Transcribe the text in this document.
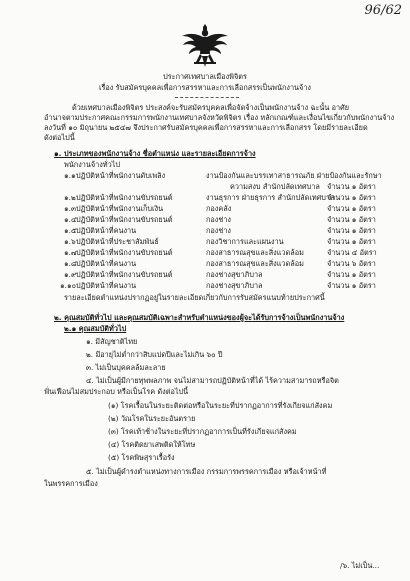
96/62
ประกาศเทศบาลเมืองพิจิตร
เรื่อง รับสมัครบุคคลเพื่อการสรรหาและการเลือกสรรเป็นพนักงานจ้าง
ด้วยเทศบาลเมืองพิจิตร ประสงค์จะรับสมัครบุคคลเพื่อจัดจ้างเป็นพนักงานจ้าง ฉะนั้น อาศัย
อำนาจตามประกาศคณะกรรมการพนักงานเทศบาลจังหวัดพิจิตร เรื่อง หลักเกณฑ์และเงื่อนไขเกี่ยวกับพนักงานจ้าง
ลงวันที่ ๑๐ มิถุนายน ๒๕๔๗ จึงประกาศรับสมัครบุคคลเพื่อการสรรหาและการเลือกสรร โดยมีรายละเอียด
ดังต่อไปนี้
๑. ประเภทของพนักงานจ้าง ชื่อตำแหน่ง และรายละเอียดการจ้าง
พนักงานจ้างทั่วไป
๑.๑ ปฏิบัติหน้าที่พนักงานดับเพลิง	งานป้องกันและบรรเทาสาธารณภัย ฝ่ายป้องกันและรักษา
ความสงบ สำนักปลัดเทศบาล จำนวน ๑ อัตรา
๑.๒ ปฏิบัติหน้าที่พนักงานขับรถยนต์	งานธุรการ ฝ่ายธุรการ สำนักปลัดเทศบาล
จำนวน ๑ อัตรา
๑.๓ ปฏิบัติหน้าที่พนักงานเก็บเงิน	กองคลัง	จำนวน ๑ อัตรา
๑.๔ ปฏิบัติหน้าที่พนักงานขับรถยนต์	กองช่าง	จำนวน ๑ อัตรา
๑.๕ ปฏิบัติหน้าที่คนงาน	กองช่าง	จำนวน ๑ อัตรา
๑.๖ ปฏิบัติหน้าที่ประชาสัมพันธ์	กองวิชาการและแผนงาน	จำนวน ๑ อัตรา
๑.๗ ปฏิบัติหน้าที่พนักงานขับรถยนต์	กองสาธารณสุขและสิ่งแวดล้อม	จำนวน ๔ อัตรา
๑.๘ ปฏิบัติหน้าที่คนงาน	กองสาธารณสุขและสิ่งแวดล้อม	จำนวน ๖ อัตรา
๑.๙ ปฏิบัติหน้าที่พนักงานขับรถยนต์	กองช่างสุขาภิบาล	จำนวน ๑ อัตรา
๑.๑๐ ปฏิบัติหน้าที่คนงาน	กองช่างสุขาภิบาล	จำนวน ๑ อัตรา
รายละเอียดตำแหน่งปรากฏอยู่ในรายละเอียดเกี่ยวกับการรับสมัครแนบท้ายประกาศนี้
๒. คุณสมบัติทั่วไป และคุณสมบัติเฉพาะสำหรับตำแหน่งของผู้จะได้รับการจ้างเป็นพนักงานจ้าง
๒.๑ คุณสมบัติทั่วไป
๑. มีสัญชาติไทย
๒. มีอายุไม่ต่ำกว่าสิบแปดปีและไม่เกิน ๖๐ ปี
๓. ไม่เป็นบุคคลล้มละลาย
๔. ไม่เป็นผู้มีกายทุพพลภาพ จนไม่สามารถปฏิบัติหน้าที่ได้ ไร้ความสามารถหรือจิต
ฟั่นเฟือนไม่สมประกอบ หรือเป็นโรค ดังต่อไปนี้
(๑) โรคเรื้อนในระยะติดต่อหรือในระยะที่ปรากฏอาการที่รังเกียจแก่สังคม
(๒) วัณโรคในระยะอันตราย
(๓) โรคเท้าช้างในระยะที่ปรากฏอาการเป็นที่รังเกียจแก่สังคม
(๔) โรคติดยาเสพติดให้โทษ
(๕) โรคพิษสุราเรื้อรัง
๕. ไม่เป็นผู้ดำรงตำแหน่งทางการเมือง กรรมการพรรคการเมือง หรือเจ้าหน้าที่
ในพรรคการเมือง
/๖. ไม่เป็น...
